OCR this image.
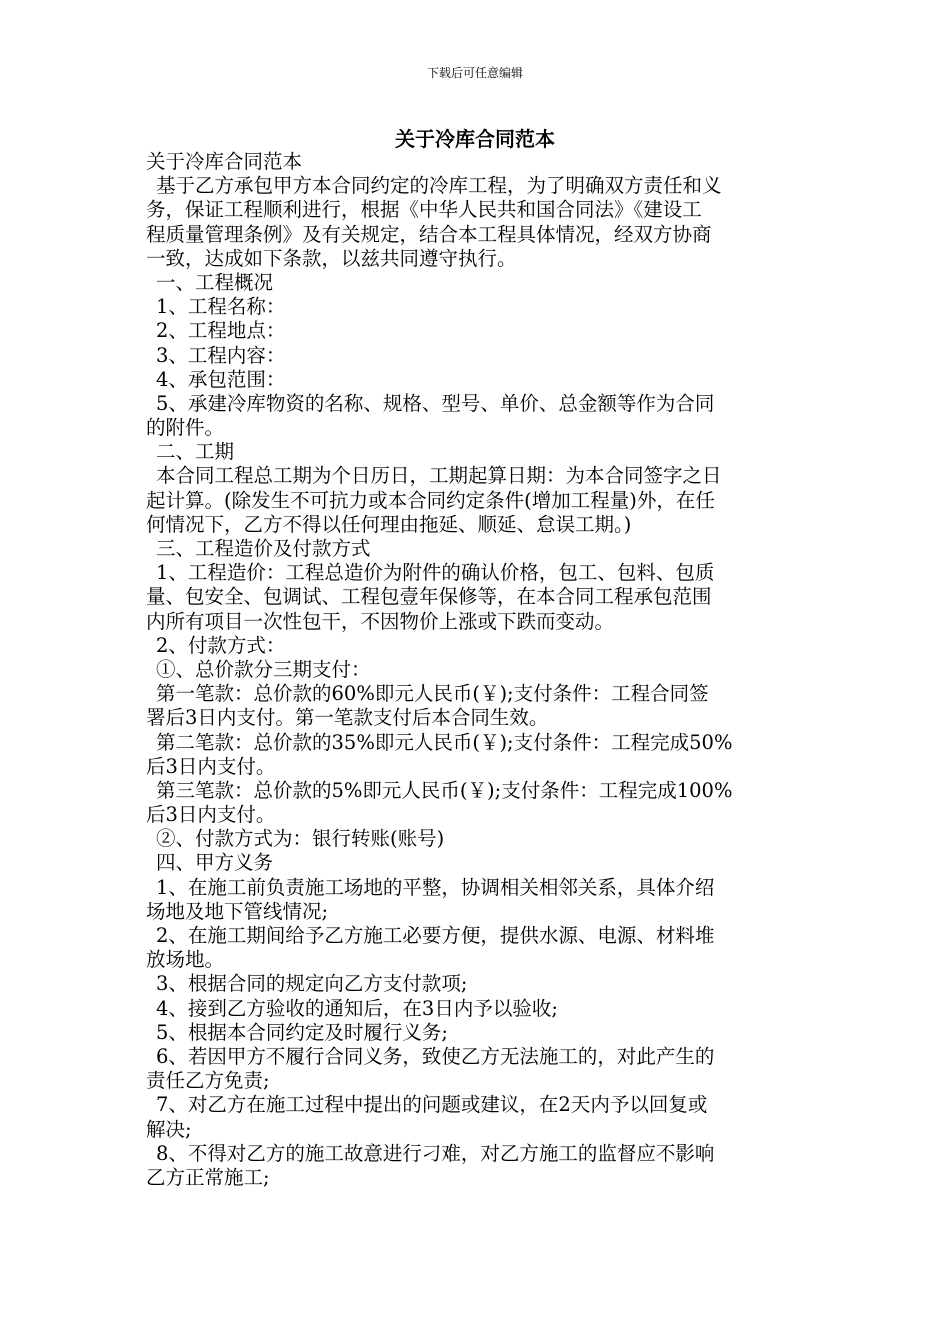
下载后可任意编辑
关于冷库合同范本
关于冷库合同范本
基于乙方承包甲方本合同约定的冷库工程，为了明确双方责任和义
务，保证工程顺利进行，根据《中华人民共和国合同法》《建设工
程质量管理条例》及有关规定，结合本工程具体情况，经双方协商
一致，达成如下条款，以兹共同遵守执行。
一、工程概况
1、工程名称：
2、工程地点：
3、工程内容：
4、承包范围：
5、承建冷库物资的名称、规格、型号、单价、总金额等作为合同
的附件。
二、工期
本合同工程总工期为个日历日，工期起算日期：为本合同签字之日
起计算。(除发生不可抗力或本合同约定条件(增加工程量)外，在任
何情况下，乙方不得以任何理由拖延、顺延、怠误工期。)
三、工程造价及付款方式
1、工程造价：工程总造价为附件的确认价格，包工、包料、包质
量、包安全、包调试、工程包壹年保修等，在本合同工程承包范围
内所有项目一次性包干，不因物价上涨或下跌而变动。
2、付款方式：
①、总价款分三期支付：
第一笔款：总价款的60%即元人民币(￥);支付条件：工程合同签
署后3日内支付。第一笔款支付后本合同生效。
第二笔款：总价款的35%即元人民币(￥);支付条件：工程完成50%
后3日内支付。
第三笔款：总价款的5%即元人民币(￥);支付条件：工程完成100%
后3日内支付。
②、付款方式为：银行转账(账号)
四、甲方义务
1、在施工前负责施工场地的平整，协调相关相邻关系，具体介绍
场地及地下管线情况;
2、在施工期间给予乙方施工必要方便，提供水源、电源、材料堆
放场地。
3、根据合同的规定向乙方支付款项;
4、接到乙方验收的通知后，在3日内予以验收;
5、根据本合同约定及时履行义务;
6、若因甲方不履行合同义务，致使乙方无法施工的，对此产生的
责任乙方免责;
7、对乙方在施工过程中提出的问题或建议，在2天内予以回复或
解决;
8、不得对乙方的施工故意进行刁难，对乙方施工的监督应不影响
乙方正常施工;
